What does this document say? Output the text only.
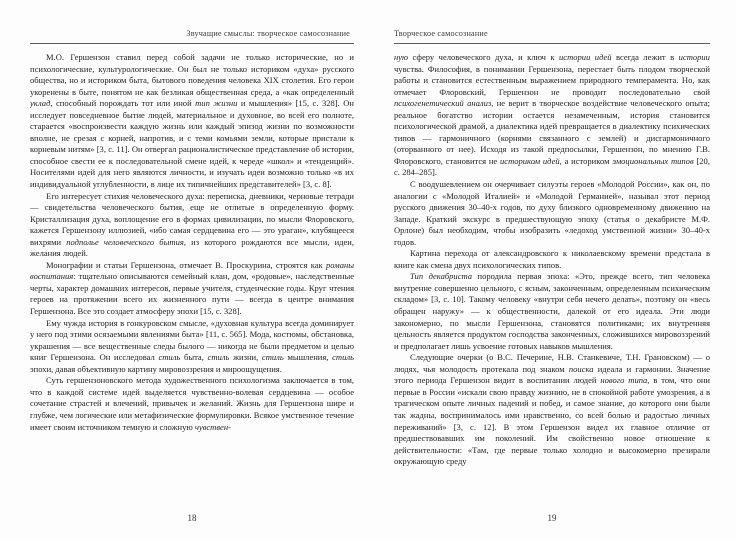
Звучащие смыслы: творческое самосознание

М.О. Гершензон ставил перед собой задачи не только исторические, но и психологические, культурологические. Он был не только историком «духа» русского общества, но и историком быта, бытового поведения человека XIX столетия. Его герои укоренены в быте, понятом не как безликая общественная среда, а «как определенный уклад, способный порождать тот или иной тип жизни и мышления» [15, с. 328]. Он исследует повседневное бытие людей, материальное и духовное, во всей его полноте, старается «воспроизвести каждую жизнь или каждый эпизод жизни по возможности вполне, не срезая с корней, напротив, и с теми комьями земли, которые пристали к корневым нитям» [3, с. 11]. Он отвергал рационалистическое представление об истории, способное свести ее к последовательной смене идей, к череде «школ» и «тенденций». Носителями идей для него являются личности, и изучать идеи возможно только «в их индивидуальной углубленности, в лице их типичнейших представителей» [3, с. 8].

Его интересует стихия человеческого духа: переписка, дневники, черновые тетради — свидетельства человеческого бытия, еще не отлитые в определенную форму. Кристаллизация духа, воплощение его в формах цивилизации, по мысли Флоровского, кажется Гершензону иллюзией, «ибо самая сердцевина его — это ураган», клубящееся вихрями подполье человеческого бытия, из которого рождаются все мысли, идеи, желания людей.

Монографии и статьи Гершензона, отмечает В. Проскурина, строятся как романы воспитания: тщательно описываются семейный клан, дом, «родовые», наследственные черты, характер домашних интересов, первые учителя, студенческие годы. Круг чтения героев на протяжении всего их жизненного пути — всегда в центре внимания Гершензона. Все это создает атмосферу эпохи [15, с. 328].

Ему чужда история в гонкуровском смысле, «духовная культура всегда доминирует у него под этими осязаемыми явлениями быта» [11, с. 565]. Мода, костюмы, обстановка, украшения — все вещественные следы былого — никогда не были предметом и целью книг Гершензона. Он исследовал стиль быта, стиль жизни, стиль мышления, стиль эпохи, давая объективную картину мировоззрения и мироощущения.

Суть гершензоновского метода художественного психологизма заключается в том, что в каждой системе идей выделяется чувственно-волевая сердцевина — особое сочетание страстей и влечений, привычек и желаний. Жизнь для Гершензона шире и глубже, чем логические или метафизические формулировки. Всякое умственное течение имеет своим источником темную и сложную чувствен-

18
Творческое самосознание

ную сферу человеческого духа, и ключ к истории идей всегда лежит в истории чувства. Философия, в понимании Гершензона, перестает быть плодом творческой работы и становится естественным выражением природного темперамента. Но, как отмечает Флоровский, Гершензон не проводит последовательно свой психогенетический анализ, не верит в творческое воздействие человеческого опыта; реальное богатство истории остается незамеченным, история становится психологической драмой, а диалектика идей превращается в диалектику психических типов — гармоничного (корнями связанного с землей) и дисгармоничного (оторванного от нее). Исходя из такой предпосылки, Гершензон, по мнению Г.В. Флоровского, становится не историком идей, а историком эмоциональных типов [20, с. 284–285].

С воодушевлением он очерчивает силуэты героев «Молодой России», как он, по аналогии с «Молодой Италией» и «Молодой Германией», называл этот период русского движения 30–40-х годов, по духу близкого одновременному движению на Западе. Краткий экскурс в предшествующую эпоху (статья о декабристе М.Ф. Орлоне) был необходим, чтобы изобразить «ледоход умственной жизни» 30–40-х годов.

Картина перехода от александровского к николаевскому времени предстала в книге как смена двух психологических типов.

Тип декабриста породила первая эпоха: «Это, прежде всего, тип человека внутренне совершенно цельного, с ясным, законченным, определенным психическим складом» [3, с. 10]. Такому человеку «внутри себя нечего делать», поэтому он «весь обращен наружу» — к общественности, далекой от его идеала. Эти люди закономерно, по мысли Гершензона, становятся политиками; их внутренняя цельность является продуктом господства законченных, сложившихся мировоззрений и предполагает лишь усвоение готовых навыков мышления.

Следующие очерки (о В.С. Печерине, Н.В. Станкевиче, Т.Н. Грановском) — о людях, чья молодость протекала под знаком поиска идеала и гармонии. Значение этого периода Гершензон видит в воспитании людей нового типа, в том, что они первые в России «искали свою правду жизнию, не в спокойной работе умозрения, а в трагическом опыте личных падений и побед, и самое знание, до которого они были так жадны, воспринималось ими нравственно, со всей болью и радостью личных переживаний» [3, с. 12]. В этом Гершензон видел их главное отличие от предшествовавших им поколений. Им свойственно новое отношение к действительности: «Там, где первые только холодно и высокомерно презирали окружающую среду

19
